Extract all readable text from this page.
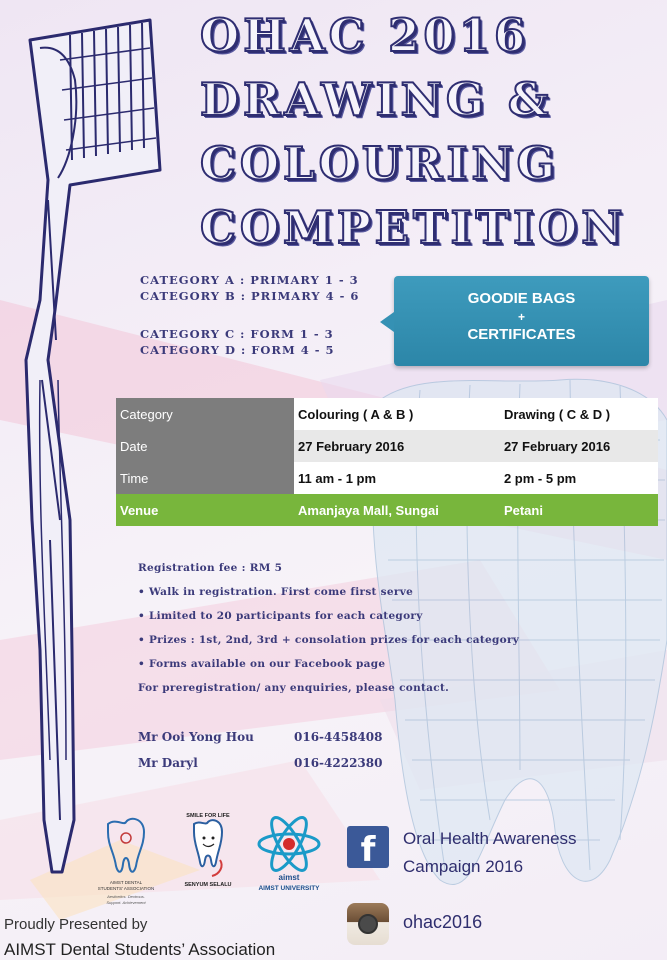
OHAC 2016
DRAWING &
COLOURING
COMPETITION
CATEGORY A : PRIMARY 1 - 3
CATEGORY B : PRIMARY 4 - 6
CATEGORY C : FORM 1 - 3
CATEGORY D : FORM 4 - 5
GOODIE BAGS
+
CERTIFICATES
Category	Colouring ( A & B )	Drawing ( C & D )
Date	27 February 2016	27 February 2016
Time	11 am - 1 pm	2 pm - 5 pm
Venue	Amanjaya Mall, Sungai	Petani
Registration fee : RM 5
• Walk in registration. First come first serve
• Limited to 20 participants for each category
• Prizes : 1st, 2nd, 3rd + consolation prizes for each category
• Forms available on our Facebook page
For preregistration/ any enquiries, please contact.
Mr Ooi Yong Hou	016-4458408
Mr Daryl	016-4222380
AIMST DENTAL
STUDENTS' ASSOCIATION
Aesthetics. Dextrous.
Support. Achievement
SMILE FOR LIFE
SENYUM SELALU
aimst
AIMST UNIVERSITY
f	Oral Health Awareness
Campaign 2016
ohac2016
Proudly Presented by
AIMST Dental Students’ Association
